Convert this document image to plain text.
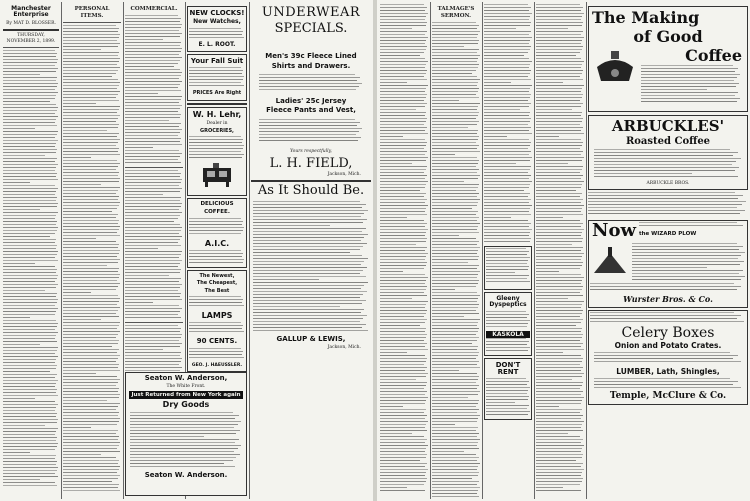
Manchester Enterprise
By MAT D. BLOSSER.
THURSDAY, NOVEMBER 2, 1899.
PERSONAL ITEMS.
COMMERCIAL.	NEW CLOCKS!
New Watches,
E. L. ROOT.
Your Fall Suit
PRICES Are Right
W. H. Lehr,
Dealer in
GROCERIES,
DELICIOUS
COFFEE.
A.I.C.
The Newest,
The Cheapest,
The Best
LAMPS
90 CENTS.
GEO. J. HAEUSSLER.
UNDERWEAR
SPECIALS.
Men's 39c Fleece Lined
Shirts and Drawers.
Ladies' 25c Jersey
Fleece Pants and Vest,
Yours respectfully,
L. H. FIELD,
Jackson, Mich.
As It Should Be.
GALLUP & LEWIS,
Jackson, Mich.
Seaton W. Anderson,
The White Front.
Just Returned from New York again
Dry Goods
Seaton W. Anderson.
TALMAGE'S SERMON.
Gleeny Dyspeptics
KASKOLA
DON'T RENT
The Making
of Good
Coffee
ARBUCKLES'
Roasted Coffee
ARBUCKLE BROS.
Now the WIZARD PLOW
Wurster Bros. & Co.
Celery Boxes
Onion and Potato Crates.
LUMBER, Lath, Shingles,
Temple, McClure & Co.
